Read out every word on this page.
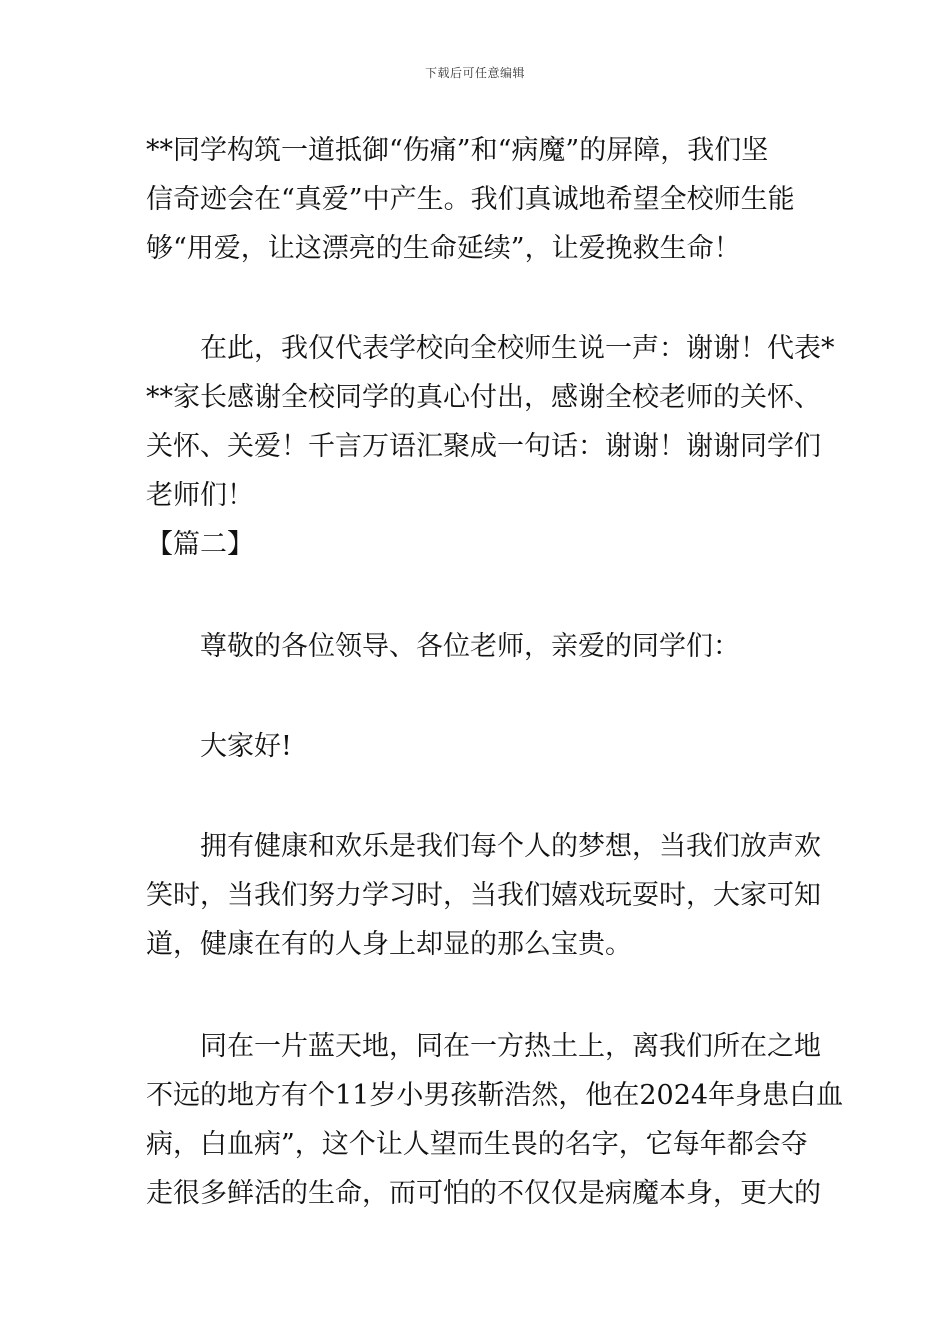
下载后可任意编辑
**同学构筑一道抵御“伤痛”和“病魔”的屏障，我们坚
信奇迹会在“真爱”中产生。我们真诚地希望全校师生能
够“用爱，让这漂亮的生命延续”，让爱挽救生命！
在此，我仅代表学校向全校师生说一声：谢谢！代表*
**家长感谢全校同学的真心付出，感谢全校老师的关怀、
关怀、关爱！千言万语汇聚成一句话：谢谢！谢谢同学们
老师们！
【篇二】
尊敬的各位领导、各位老师，亲爱的同学们：
大家好!
拥有健康和欢乐是我们每个人的梦想，当我们放声欢
笑时，当我们努力学习时，当我们嬉戏玩耍时，大家可知
道，健康在有的人身上却显的那么宝贵。
同在一片蓝天地，同在一方热土上，离我们所在之地
不远的地方有个11岁小男孩靳浩然，他在2024年身患白血
病，白血病”，这个让人望而生畏的名字，它每年都会夺
走很多鲜活的生命，而可怕的不仅仅是病魔本身，更大的
